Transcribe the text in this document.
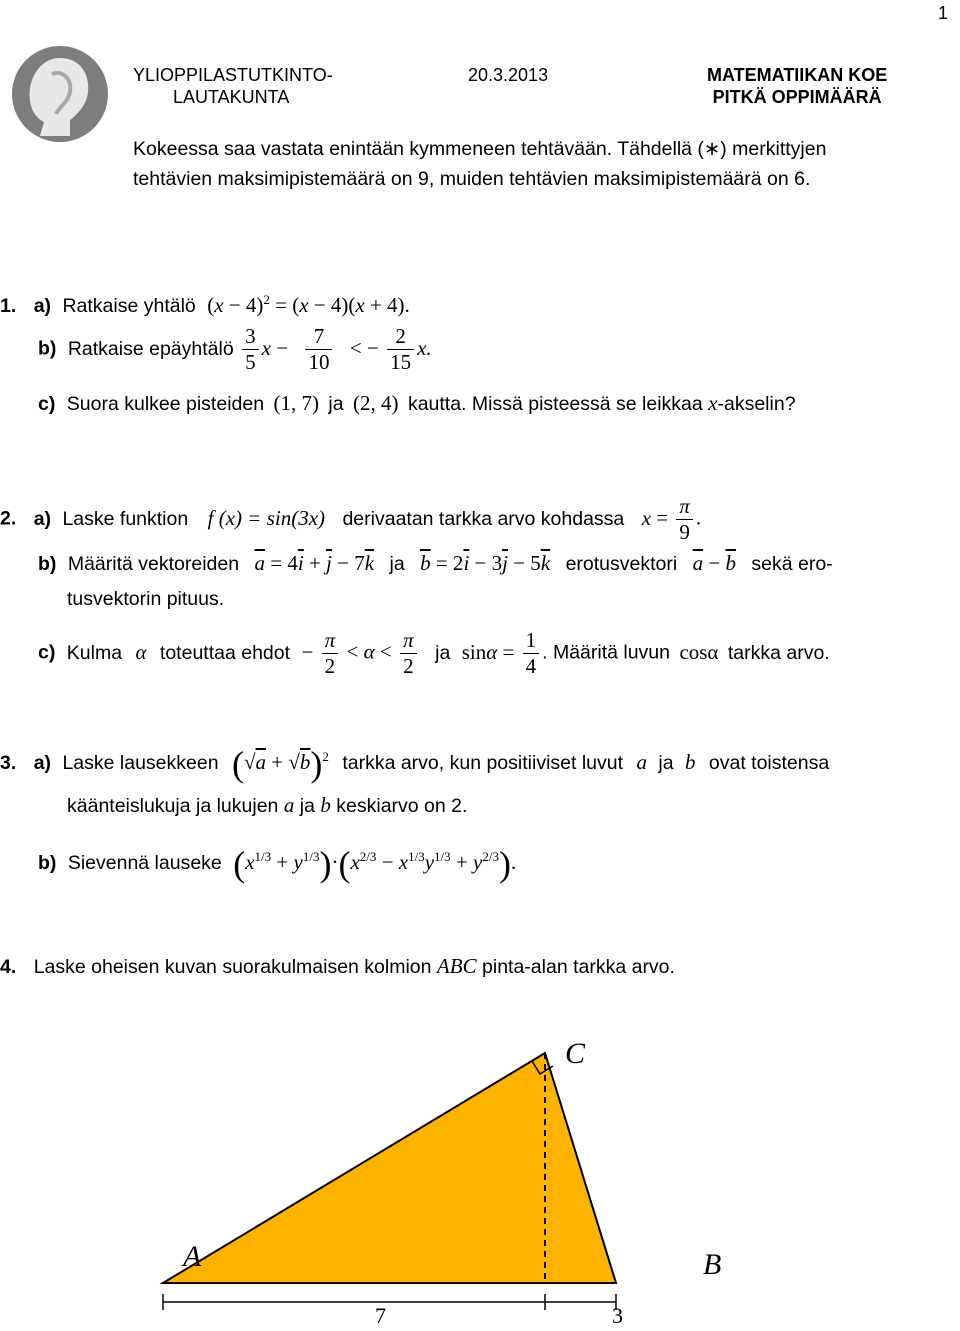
1
YLIOPPILASTUTKINTO-
LAUTAKUNTA
20.3.2013	MATEMATIIKAN KOE
PITKÄ OPPIMÄÄRÄ
Kokeessa saa vastata enintään kymmeneen tehtävään. Tähdellä (∗) merkittyjen
tehtävien maksimipistemäärä on 9, muiden tehtävien maksimipistemäärä on 6.
1. a) Ratkaise yhtälö $(x - 4)^2 = (x - 4)(x + 4)$.
b) Ratkaise epäyhtälö $\frac{3}{5}$ $x - \frac{7}{10}$ < − $\frac{2}{15} x$.
c) Suora kulkee pisteiden (1, 7) ja (2, 4) kautta. Missä pisteessä se leikkaa x-akselin?
2. a) Laske funktion f (x) = sin(3x) derivaatan tarkka arvo kohdassa $x = \frac{\pi}{9}$ .
b) Määritä vektoreiden $\overline{a} = 4\overline{i} + \overline{j} - 7\overline{k}$ ja $\overline{b} = 2\overline{i} - 3\overline{j} - 5\overline{k}$ erotusvektori $\overline{a} - \overline{b}$ sekä ero-
tusvektorin pituus.
c) Kulma α toteuttaa ehdot − $\frac{\pi}{2} < \alpha < \frac{\pi}{2}$ ja $\sin\alpha = \frac{1}{4}$ . Määritä luvun cosα tarkka arvo.
3. a) Laske lausekkeen $(√a + √b)^2$ tarkka arvo, kun positiiviset luvut a ja b ovat toistensa
käänteislukuja ja lukujen a ja b keskiarvo on 2.
b) Sievennä lauseke $(x^{1/3} + y^{1/3})\cdot(x^{2/3} - x^{1/3}y^{1/3} + y^{2/3})$.
4. Laske oheisen kuvan suorakulmaisen kolmion ABC pinta-alan tarkka arvo.
A	B
C
7	3
